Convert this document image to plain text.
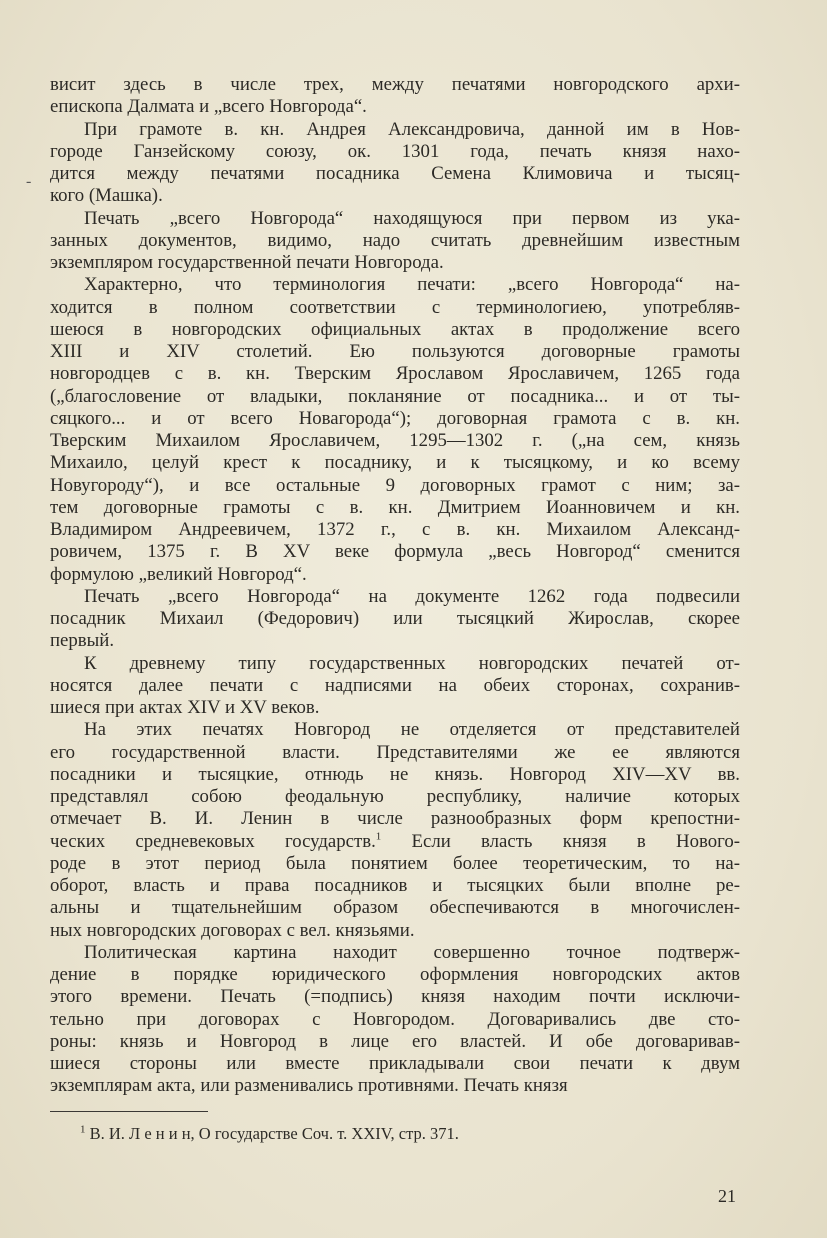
-
висит здесь в числе трех, между печатями новгородского архи-
епископа Далмата и „всего Новгорода“.
При грамоте в. кн. Андрея Александровича, данной им в Нов-
городе Ганзейскому союзу, ок. 1301 года, печать князя нахо-
дится между печатями посадника Семена Климовича и тысяц-
кого (Машка).
Печать „всего Новгорода“ находящуюся при первом из ука-
занных документов, видимо, надо считать древнейшим известным
экземпляром государственной печати Новгорода.
Характерно, что терминология печати: „всего Новгорода“ на-
ходится в полном соответствии с терминологиею, употребляв-
шеюся в новгородских официальных актах в продолжение всего
XIII и XIV столетий. Ею пользуются договорные грамоты
новгородцев с в. кн. Тверским Ярославом Ярославичем, 1265 года
(„благословение от владыки, покланяние от посадника... и от ты-
сяцкого... и от всего Новагорода“); договорная грамота с в. кн.
Тверским Михаилом Ярославичем, 1295—1302 г. („на сем, князь
Михаило, целуй крест к посаднику, и к тысяцкому, и ко всему
Новугороду“), и все остальные 9 договорных грамот с ним; за-
тем договорные грамоты с в. кн. Дмитрием Иоанновичем и кн.
Владимиром Андреевичем, 1372 г., с в. кн. Михаилом Александ-
ровичем, 1375 г. В XV веке формула „весь Новгород“ сменится
формулою „великий Новгород“.
Печать „всего Новгорода“ на документе 1262 года подвесили
посадник Михаил (Федорович) или тысяцкий Жирослав, скорее
первый.
К древнему типу государственных новгородских печатей от-
носятся далее печати с надписями на обеих сторонах, сохранив-
шиеся при актах XIV и XV веков.
На этих печатях Новгород не отделяется от представителей
его государственной власти. Представителями же ее являются
посадники и тысяцкие, отнюдь не князь. Новгород XIV—XV вв.
представлял собою феодальную республику, наличие которых
отмечает В. И. Ленин в числе разнообразных форм крепостни-
ческих средневековых государств.$^1$ Если власть князя в Нового-
роде в этот период была понятием более теоретическим, то на-
оборот, власть и права посадников и тысяцких были вполне ре-
альны и тщательнейшим образом обеспечиваются в многочислен-
ных новгородских договорах с вел. князьями.
Политическая картина находит совершенно точное подтверж-
дение в порядке юридического оформления новгородских актов
этого времени. Печать (=подпись) князя находим почти исключи-
тельно при договорах с Новгородом. Договаривались две сто-
роны: князь и Новгород в лице его властей. И обе договаривав-
шиеся стороны или вместе прикладывали свои печати к двум
экземплярам акта, или разменивались противнями. Печать князя
$^1$ В. И. Л е н и н, О государстве Соч. т. XXIV, стр. 371.
21
